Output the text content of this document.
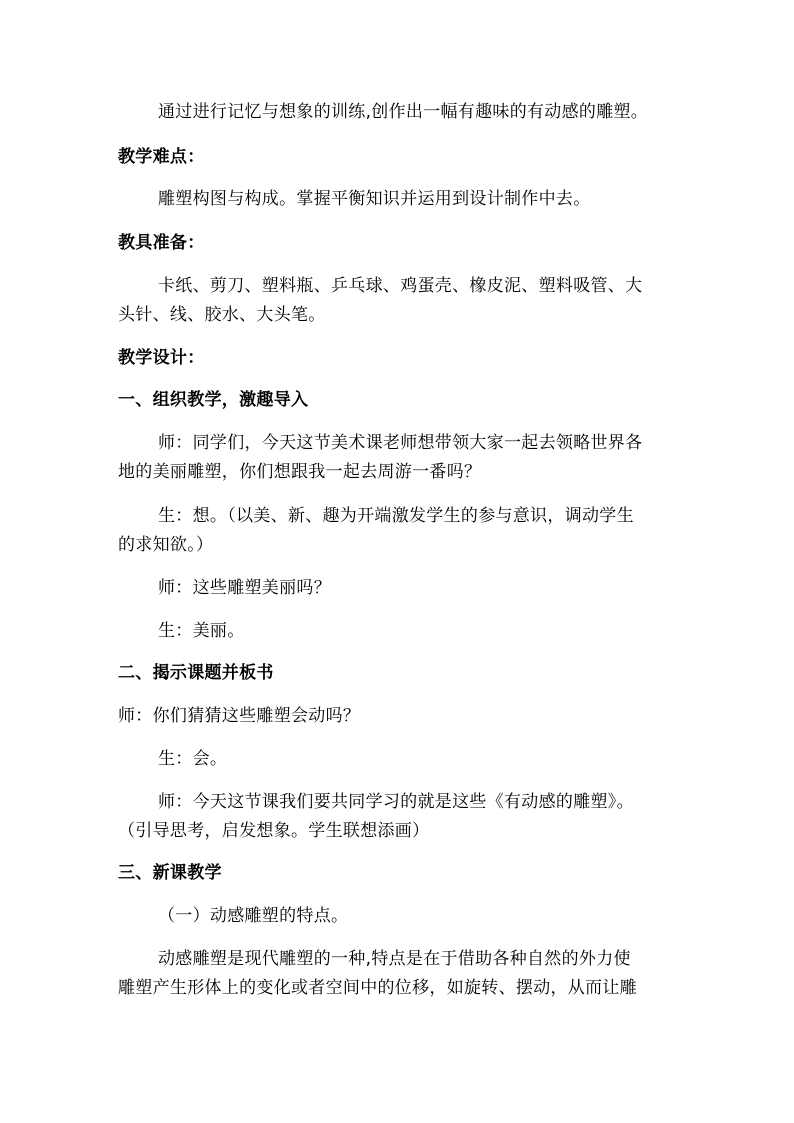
通过进行记忆与想象的训练,创作出一幅有趣味的有动感的雕塑。
教学难点：
雕塑构图与构成。掌握平衡知识并运用到设计制作中去。
教具准备：
卡纸、剪刀、塑料瓶、乒乓球、鸡蛋壳、橡皮泥、塑料吸管、大
头针、线、胶水、大头笔。
教学设计：
一、组织教学，激趣导入
师：同学们，今天这节美术课老师想带领大家一起去领略世界各
地的美丽雕塑，你们想跟我一起去周游一番吗？
生：想。（以美、新、趣为开端激发学生的参与意识，调动学生
的求知欲。）
师：这些雕塑美丽吗？
生：美丽。
二、揭示课题并板书
师：你们猜猜这些雕塑会动吗？
生：会。
师：今天这节课我们要共同学习的就是这些《有动感的雕塑》。
（引导思考，启发想象。学生联想添画）
三、新课教学
（一）动感雕塑的特点。
动感雕塑是现代雕塑的一种,特点是在于借助各种自然的外力使
雕塑产生形体上的变化或者空间中的位移，如旋转、摆动，从而让雕
